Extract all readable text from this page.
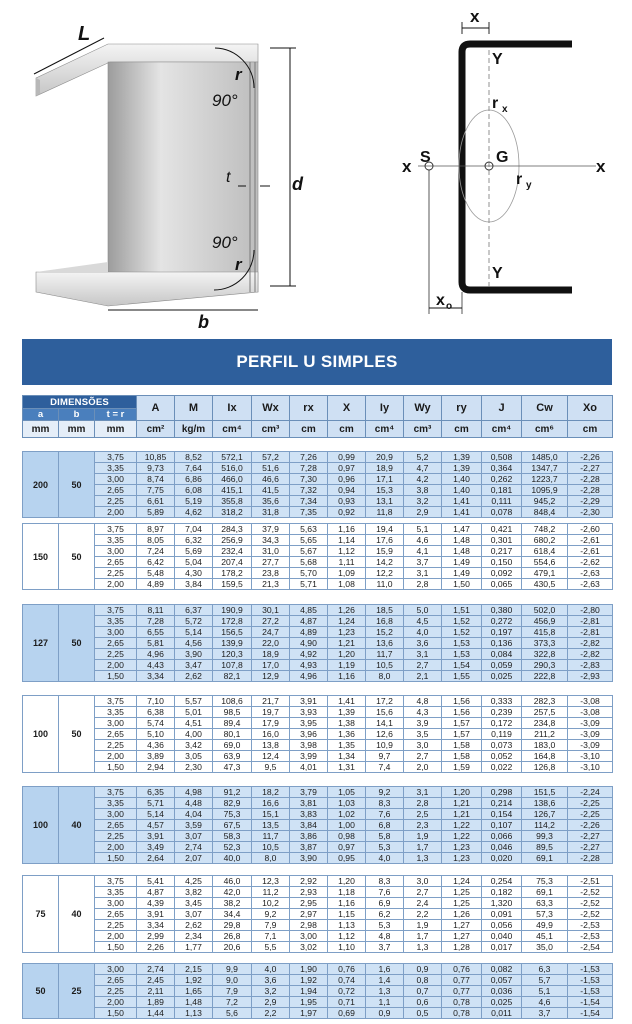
L
r
90°
t	d
90°
r
b
x
Y
r x
x S	G	x
r y
Y
x o
PERFIL U SIMPLES
DIMENSÕES			A	M	Ix	Wx	rx	X	Iy	Wy	ry	J	Cw	Xo
a	b	t = r												
mm	mm	mm	cm²	kg/m	cm⁴	cm³	cm	cm	cm⁴	cm³	cm	cm⁴	cm⁶	cm
200	50	3,75	10,85	8,52	572,1	57,2	7,26	0,99	20,9	5,2	1,39	0,508	1485,0	-2,26
		3,35	9,73	7,64	516,0	51,6	7,28	0,97	18,9	4,7	1,39	0,364	1347,7	-2,27
		3,00	8,74	6,86	466,0	46,6	7,30	0,96	17,1	4,2	1,40	0,262	1223,7	-2,28
		2,65	7,75	6,08	415,1	41,5	7,32	0,94	15,3	3,8	1,40	0,181	1095,9	-2,28
		2,25	6,61	5,19	355,8	35,6	7,34	0,93	13,1	3,2	1,41	0,111	945,2	-2,29
		2,00	5,89	4,62	318,2	31,8	7,35	0,92	11,8	2,9	1,41	0,078	848,4	-2,30
150	50	3,75	8,97	7,04	284,3	37,9	5,63	1,16	19,4	5,1	1,47	0,421	748,2	-2,60
		3,35	8,05	6,32	256,9	34,3	5,65	1,14	17,6	4,6	1,48	0,301	680,2	-2,61
		3,00	7,24	5,69	232,4	31,0	5,67	1,12	15,9	4,1	1,48	0,217	618,4	-2,61
		2,65	6,42	5,04	207,4	27,7	5,68	1,11	14,2	3,7	1,49	0,150	554,6	-2,62
		2,25	5,48	4,30	178,2	23,8	5,70	1,09	12,2	3,1	1,49	0,092	479,1	-2,63
		2,00	4,89	3,84	159,5	21,3	5,71	1,08	11,0	2,8	1,50	0,065	430,5	-2,63
127	50	3,75	8,11	6,37	190,9	30,1	4,85	1,26	18,5	5,0	1,51	0,380	502,0	-2,80
		3,35	7,28	5,72	172,8	27,2	4,87	1,24	16,8	4,5	1,52	0,272	456,9	-2,81
		3,00	6,55	5,14	156,5	24,7	4,89	1,23	15,2	4,0	1,52	0,197	415,8	-2,81
		2,65	5,81	4,56	139,9	22,0	4,90	1,21	13,6	3,6	1,53	0,136	373,3	-2,82
		2,25	4,96	3,90	120,3	18,9	4,92	1,20	11,7	3,1	1,53	0,084	322,8	-2,82
		2,00	4,43	3,47	107,8	17,0	4,93	1,19	10,5	2,7	1,54	0,059	290,3	-2,83
		1,50	3,34	2,62	82,1	12,9	4,96	1,16	8,0	2,1	1,55	0,025	222,8	-2,93
100	50	3,75	7,10	5,57	108,6	21,7	3,91	1,41	17,2	4,8	1,56	0,333	282,3	-3,08
		3,35	6,38	5,01	98,5	19,7	3,93	1,39	15,6	4,3	1,56	0,239	257,5	-3,08
		3,00	5,74	4,51	89,4	17,9	3,95	1,38	14,1	3,9	1,57	0,172	234,8	-3,09
		2,65	5,10	4,00	80,1	16,0	3,96	1,36	12,6	3,5	1,57	0,119	211,2	-3,09
		2,25	4,36	3,42	69,0	13,8	3,98	1,35	10,9	3,0	1,58	0,073	183,0	-3,09
		2,00	3,89	3,05	63,9	12,4	3,99	1,34	9,7	2,7	1,58	0,052	164,8	-3,10
		1,50	2,94	2,30	47,3	9,5	4,01	1,31	7,4	2,0	1,59	0,022	126,8	-3,10
100	40	3,75	6,35	4,98	91,2	18,2	3,79	1,05	9,2	3,1	1,20	0,298	151,5	-2,24
		3,35	5,71	4,48	82,9	16,6	3,81	1,03	8,3	2,8	1,21	0,214	138,6	-2,25
		3,00	5,14	4,04	75,3	15,1	3,83	1,02	7,6	2,5	1,21	0,154	126,7	-2,25
		2,65	4,57	3,59	67,5	13,5	3,84	1,00	6,8	2,3	1,22	0,107	114,2	-2,26
		2,25	3,91	3,07	58,3	11,7	3,86	0,98	5,8	1,9	1,22	0,066	99,3	-2,27
		2,00	3,49	2,74	52,3	10,5	3,87	0,97	5,3	1,7	1,23	0,046	89,5	-2,27
		1,50	2,64	2,07	40,0	8,0	3,90	0,95	4,0	1,3	1,23	0,020	69,1	-2,28
75	40	3,75	5,41	4,25	46,0	12,3	2,92	1,20	8,3	3,0	1,24	0,254	75,3	-2,51
		3,35	4,87	3,82	42,0	11,2	2,93	1,18	7,6	2,7	1,25	0,182	69,1	-2,52
		3,00	4,39	3,45	38,2	10,2	2,95	1,16	6,9	2,4	1,25	1,320	63,3	-2,52
		2,65	3,91	3,07	34,4	9,2	2,97	1,15	6,2	2,2	1,26	0,091	57,3	-2,52
		2,25	3,34	2,62	29,8	7,9	2,98	1,13	5,3	1,9	1,27	0,056	49,9	-2,53
		2,00	2,99	2,34	26,8	7,1	3,00	1,12	4,8	1,7	1,27	0,040	45,1	-2,53
		1,50	2,26	1,77	20,6	5,5	3,02	1,10	3,7	1,3	1,28	0,017	35,0	-2,54
50	25	3,00	2,74	2,15	9,9	4,0	1,90	0,76	1,6	0,9	0,76	0,082	6,3	-1,53
		2,65	2,45	1,92	9,0	3,6	1,92	0,74	1,4	0,8	0,77	0,057	5,7	-1,53
		2,25	2,11	1,65	7,9	3,2	1,94	0,72	1,3	0,7	0,77	0,036	5,1	-1,53
		2,00	1,89	1,48	7,2	2,9	1,95	0,71	1,1	0,6	0,78	0,025	4,6	-1,54
		1,50	1,44	1,13	5,6	2,2	1,97	0,69	0,9	0,5	0,78	0,011	3,7	-1,54
